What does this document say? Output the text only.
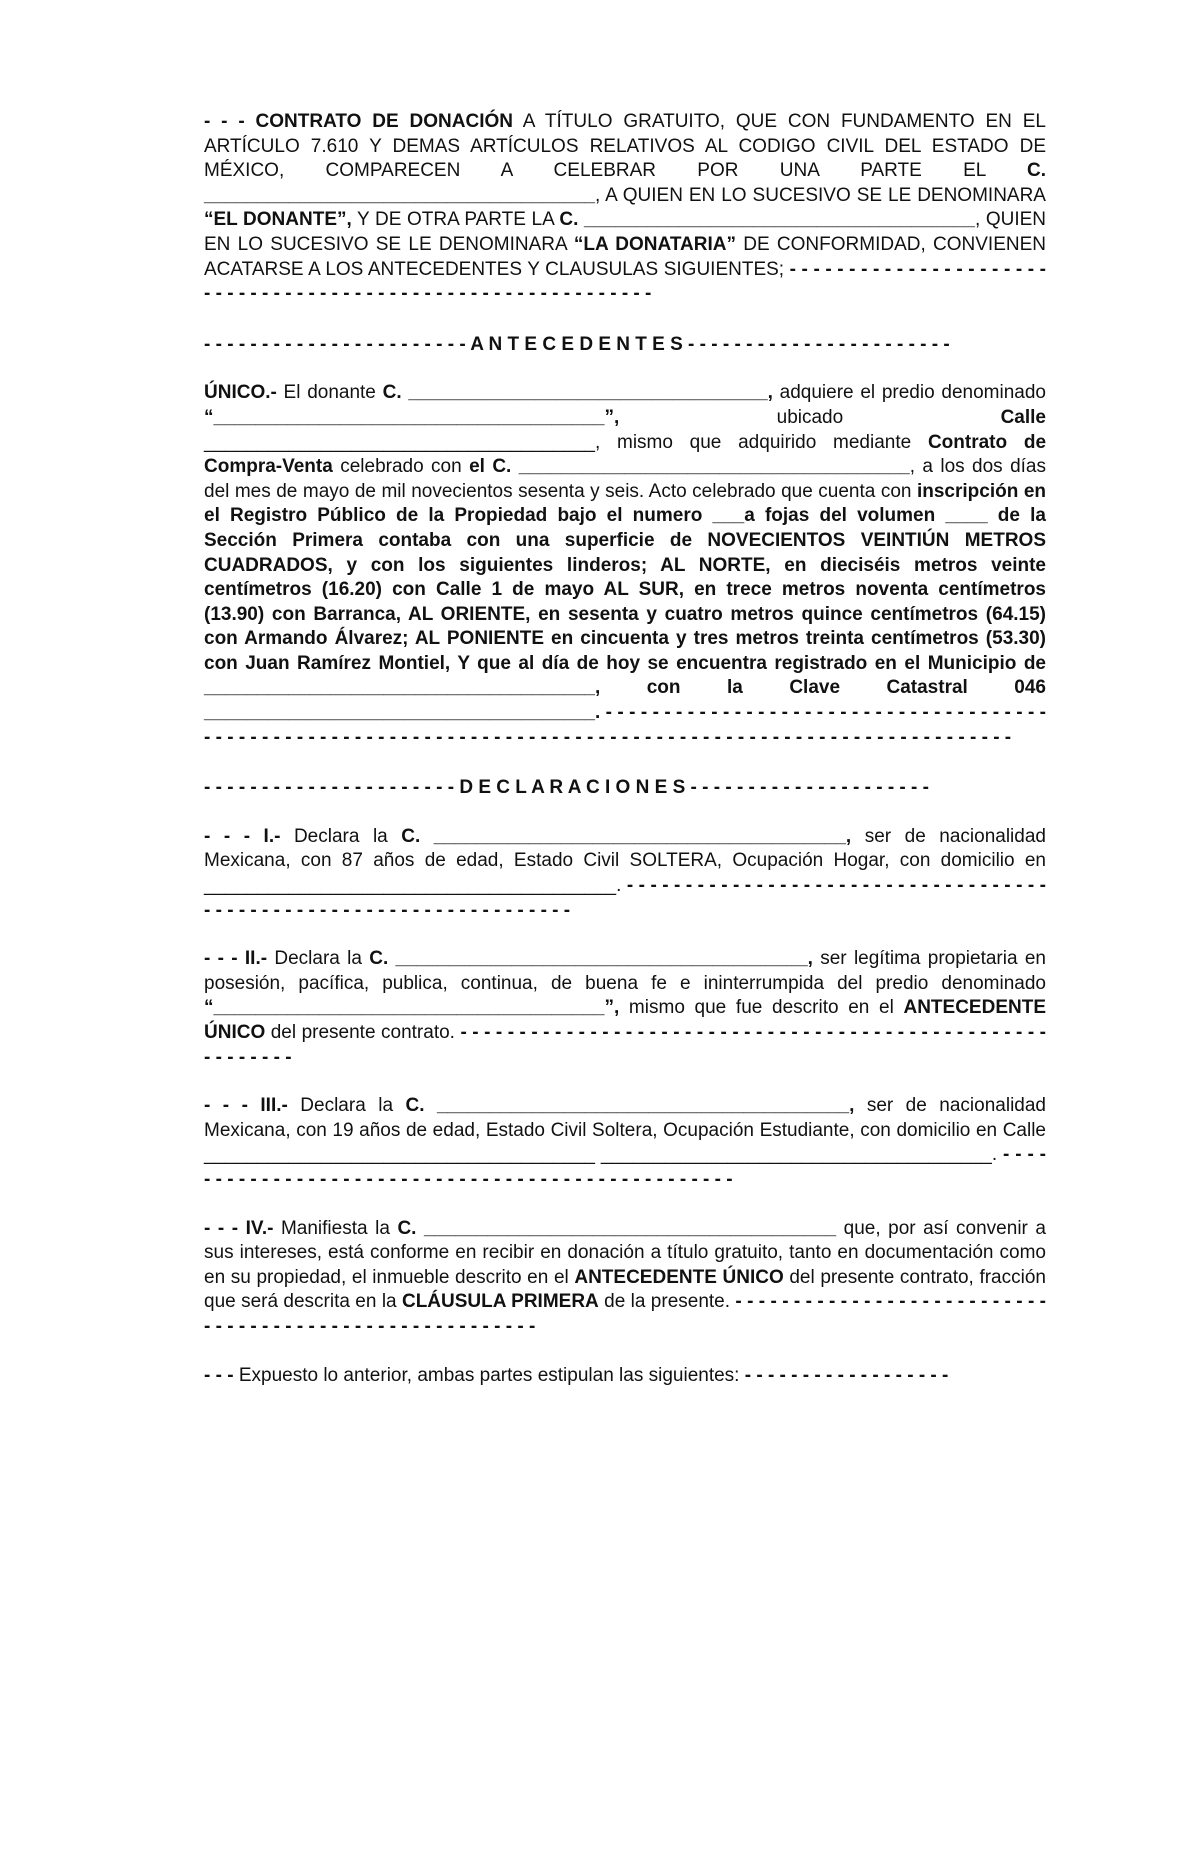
- - - CONTRATO DE DONACIÓN A TÍTULO GRATUITO, QUE CON FUNDAMENTO EN EL ARTÍCULO 7.610 Y DEMAS ARTÍCULOS RELATIVOS AL CODIGO CIVIL DEL ESTADO DE MÉXICO, COMPARECEN A CELEBRAR POR UNA PARTE EL C. _____________________________________, A QUIEN EN LO SUCESIVO SE LE DENOMINARA “EL DONANTE”, Y DE OTRA PARTE LA C. _____________________________________, QUIEN EN LO SUCESIVO SE LE DENOMINARA “LA DONATARIA” DE CONFORMIDAD, CONVIENEN ACATARSE A LOS ANTECEDENTES Y CLAUSULAS SIGUIENTES; - - - - - - - - - - - - - - - - - - - - - - - - - - - - - - - - - - - - - - - - - - - - - - - - - - - - - - - - - - - - -

- - - - - - - - - - - - - - - - - - - - - - - A N T E C E D E N T E S - - - - - - - - - - - - - - - - - - - - - - -

ÚNICO.- El donante C. __________________________________, adquiere el predio denominado “_____________________________________”, ubicado Calle _____________________________________, mismo que adquirido mediante Contrato de Compra-Venta celebrado con el C. _____________________________________, a los dos días del mes de mayo de mil novecientos sesenta y seis. Acto celebrado que cuenta con inscripción en el Registro Público de la Propiedad bajo el numero ___a fojas del volumen ____ de la Sección Primera contaba con una superficie de NOVECIENTOS VEINTIÚN METROS CUADRADOS, y con los siguientes linderos; AL NORTE, en dieciséis metros veinte centímetros (16.20) con Calle 1 de mayo AL SUR, en trece metros noventa centímetros (13.90) con Barranca, AL ORIENTE, en sesenta y cuatro metros quince centímetros (64.15) con Armando Álvarez; AL PONIENTE en cincuenta y tres metros treinta centímetros (53.30) con Juan Ramírez Montiel, Y que al día de hoy se encuentra registrado en el Municipio de _____________________________________, con la Clave Catastral 046 _____________________________________. - - - - - - - - - - - - - - - - - - - - - - - - - - - - - - - - - - - - - - - - - - - - - - - - - - - - - - - - - - - - - - - - - - - - - - - - - - - - - - - - - - - - - - - - - - - - - - - - - - - - - - - - - - - -

- - - - - - - - - - - - - - - - - - - - - - D E C L A R A C I O N E S - - - - - - - - - - - - - - - - - - - - -

- - - I.- Declara la C. _______________________________________, ser de nacionalidad Mexicana, con 87 años de edad, Estado Civil SOLTERA, Ocupación Hogar, con domicilio en _______________________________________. - - - - - - - - - - - - - - - - - - - - - - - - - - - - - - - - - - - - - - - - - - - - - - - - - - - - - - - - - - - - - - - - - - - -

- - - II.- Declara la C. _______________________________________, ser legítima propietaria en posesión, pacífica, publica, continua, de buena fe e ininterrumpida del predio denominado “_____________________________________”, mismo que fue descrito en el ANTECEDENTE ÚNICO del presente contrato. - - - - - - - - - - - - - - - - - - - - - - - - - - - - - - - - - - - - - - - - - - - - - - - - - - - - - - - - - -

- - - III.- Declara la C. _______________________________________, ser de nacionalidad Mexicana, con 19 años de edad, Estado Civil Soltera, Ocupación Estudiante, con domicilio en Calle _____________________________________ _____________________________________. - - - - - - - - - - - - - - - - - - - - - - - - - - - - - - - - - - - - - - - - - - - - - - - - - -

- - - IV.- Manifiesta la C. _______________________________________ que, por así convenir a sus intereses, está conforme en recibir en donación a título gratuito, tanto en documentación como en su propiedad, el inmueble descrito en el ANTECEDENTE ÚNICO del presente contrato, fracción que será descrita en la CLÁUSULA PRIMERA de la presente. - - - - - - - - - - - - - - - - - - - - - - - - - - - - - - - - - - - - - - - - - - - - - - - - - - - - - - - -

- - - Expuesto lo anterior, ambas partes estipulan las siguientes: - - - - - - - - - - - - - - - - - -
